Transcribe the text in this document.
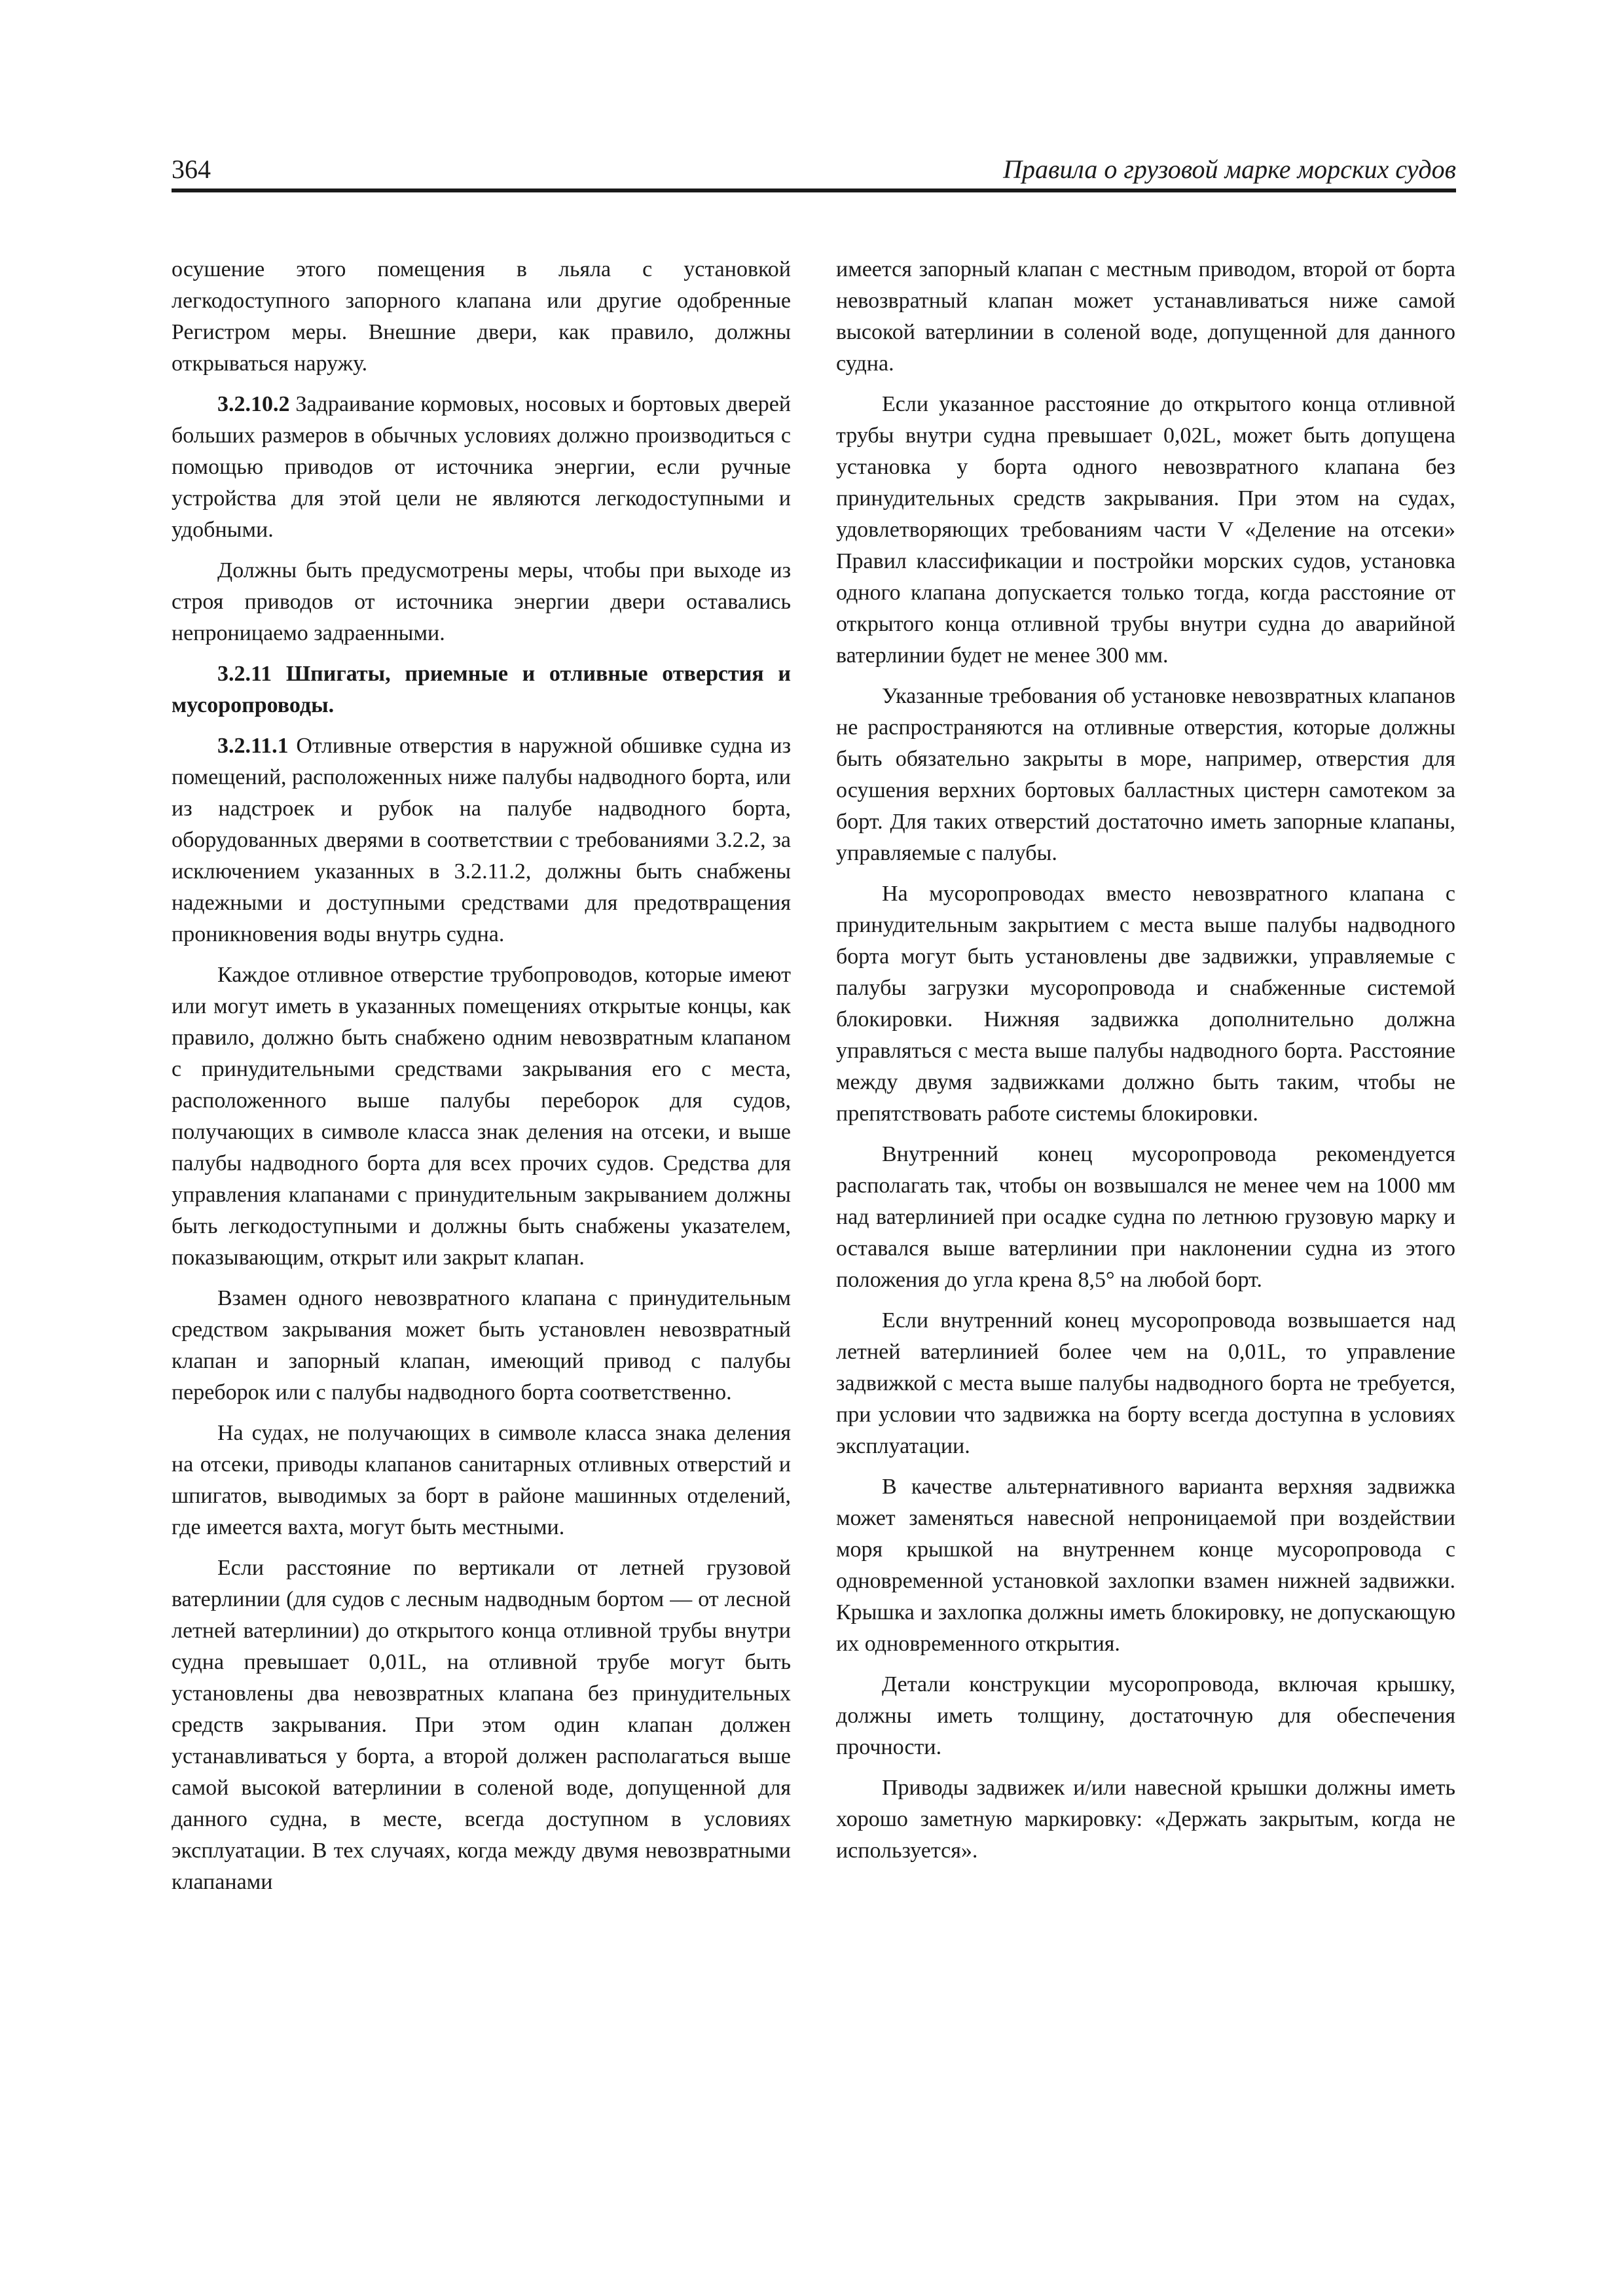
364	Правила о грузовой марке морских судов

осушение этого помещения в льяла с установкой легкодоступного запорного клапана или другие одобренные Регистром меры. Внешние двери, как правило, должны открываться наружу.

3.2.10.2 Задраивание кормовых, носовых и бортовых дверей больших размеров в обычных условиях должно производиться с помощью приводов от источника энергии, если ручные устройства для этой цели не являются легкодоступными и удобными.

Должны быть предусмотрены меры, чтобы при выходе из строя приводов от источника энергии двери оставались непроницаемо задраенными.

3.2.11 Шпигаты, приемные и отливные отверстия и мусоропроводы.

3.2.11.1 Отливные отверстия в наружной обшивке судна из помещений, расположенных ниже палубы надводного борта, или из надстроек и рубок на палубе надводного борта, оборудованных дверями в соответствии с требованиями 3.2.2, за исключением указанных в 3.2.11.2, должны быть снабжены надежными и доступными средствами для предотвращения проникновения воды внутрь судна.

Каждое отливное отверстие трубопроводов, которые имеют или могут иметь в указанных помещениях открытые концы, как правило, должно быть снабжено одним невозвратным клапаном с принудительными средствами закрывания его с места, расположенного выше палубы переборок для судов, получающих в символе класса знак деления на отсеки, и выше палубы надводного борта для всех прочих судов. Средства для управления клапанами с принудительным закрыванием должны быть легкодоступными и должны быть снабжены указателем, показывающим, открыт или закрыт клапан.

Взамен одного невозвратного клапана с принудительным средством закрывания может быть установлен невозвратный клапан и запорный клапан, имеющий привод с палубы переборок или с палубы надводного борта соответственно.

На судах, не получающих в символе класса знака деления на отсеки, приводы клапанов санитарных отливных отверстий и шпигатов, выводимых за борт в районе машинных отделений, где имеется вахта, могут быть местными.

Если расстояние по вертикали от летней грузовой ватерлинии (для судов с лесным надводным бортом — от лесной летней ватерлинии) до открытого конца отливной трубы внутри судна превышает 0,01L, на отливной трубе могут быть установлены два невозвратных клапана без принудительных средств закрывания. При этом один клапан должен устанавливаться у борта, а второй должен располагаться выше самой высокой ватерлинии в соленой воде, допущенной для данного судна, в месте, всегда доступном в условиях эксплуатации. В тех случаях, когда между двумя невозвратными клапанами

имеется запорный клапан с местным приводом, второй от борта невозвратный клапан может устанавливаться ниже самой высокой ватерлинии в соленой воде, допущенной для данного судна.

Если указанное расстояние до открытого конца отливной трубы внутри судна превышает 0,02L, может быть допущена установка у борта одного невозвратного клапана без принудительных средств закрывания. При этом на судах, удовлетворяющих требованиям части V «Деление на отсеки» Правил классификации и постройки морских судов, установка одного клапана допускается только тогда, когда расстояние от открытого конца отливной трубы внутри судна до аварийной ватерлинии будет не менее 300 мм.

Указанные требования об установке невозвратных клапанов не распространяются на отливные отверстия, которые должны быть обязательно закрыты в море, например, отверстия для осушения верхних бортовых балластных цистерн самотеком за борт. Для таких отверстий достаточно иметь запорные клапаны, управляемые с палубы.

На мусоропроводах вместо невозвратного клапана с принудительным закрытием с места выше палубы надводного борта могут быть установлены две задвижки, управляемые с палубы загрузки мусоропровода и снабженные системой блокировки. Нижняя задвижка дополнительно должна управляться с места выше палубы надводного борта. Расстояние между двумя задвижками должно быть таким, чтобы не препятствовать работе системы блокировки.

Внутренний конец мусоропровода рекомендуется располагать так, чтобы он возвышался не менее чем на 1000 мм над ватерлинией при осадке судна по летнюю грузовую марку и оставался выше ватерлинии при наклонении судна из этого положения до угла крена 8,5° на любой борт.

Если внутренний конец мусоропровода возвышается над летней ватерлинией более чем на 0,01L, то управление задвижкой с места выше палубы надводного борта не требуется, при условии что задвижка на борту всегда доступна в условиях эксплуатации.

В качестве альтернативного варианта верхняя задвижка может заменяться навесной непроницаемой при воздействии моря крышкой на внутреннем конце мусоропровода с одновременной установкой захлопки взамен нижней задвижки. Крышка и захлопка должны иметь блокировку, не допускающую их одновременного открытия.

Детали конструкции мусоропровода, включая крышку, должны иметь толщину, достаточную для обеспечения прочности.

Приводы задвижек и/или навесной крышки должны иметь хорошо заметную маркировку: «Держать закрытым, когда не используется».
